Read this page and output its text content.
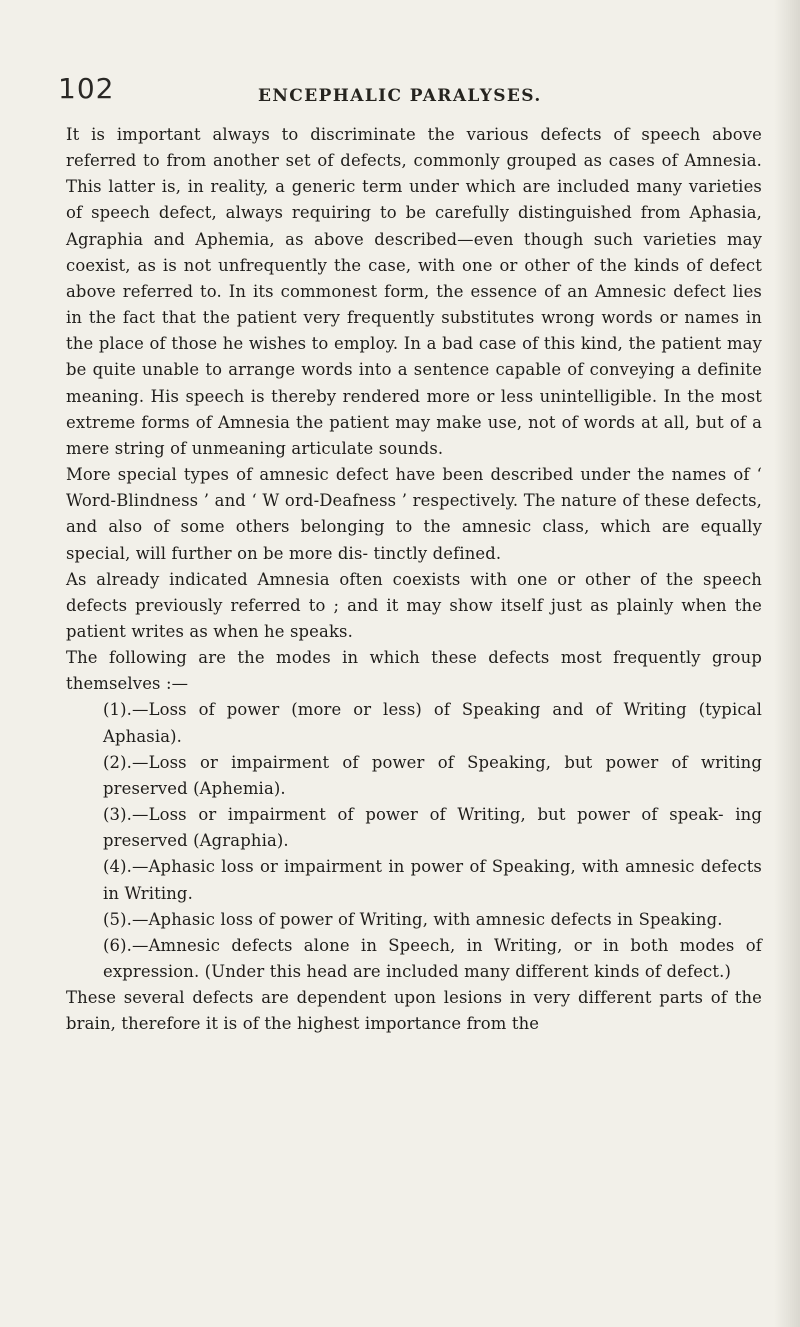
102	ENCEPHALIC PARALYSES.

It is important always to discriminate the various defects of speech above referred to from another set of defects, commonly grouped as cases of Amnesia. This latter is, in reality, a generic term under which are included many varieties of speech defect, always requiring to be carefully distinguished from Aphasia, Agraphia and Aphemia, as above described—even though such varieties may coexist, as is not unfrequently the case, with one or other of the kinds of defect above referred to. In its commonest form, the essence of an Amnesic defect lies in the fact that the patient very frequently substitutes wrong words or names in the place of those he wishes to employ. In a bad case of this kind, the patient may be quite unable to arrange words into a sentence capable of conveying a definite meaning. His speech is thereby rendered more or less unintelligible. In the most extreme forms of Amnesia the patient may make use, not of words at all, but of a mere string of unmeaning articulate sounds.

More special types of amnesic defect have been described under the names of ‘ Word-Blindness ’ and ‘ W ord-Deafness ’ respectively. The nature of these defects, and also of some others belonging to the amnesic class, which are equally special, will further on be more dis- tinctly defined.

As already indicated Amnesia often coexists with one or other of the speech defects previously referred to ; and it may show itself just as plainly when the patient writes as when he speaks.

The following are the modes in which these defects most frequently group themselves :—

(1).—Loss of power (more or less) of Speaking and of Writing (typical Aphasia).

(2).—Loss or impairment of power of Speaking, but power of writing preserved (Aphemia).

(3).—Loss or impairment of power of Writing, but power of speak- ing preserved (Agraphia).

(4).—Aphasic loss or impairment in power of Speaking, with amnesic defects in Writing.

(5).—Aphasic loss of power of Writing, with amnesic defects in Speaking.

(6).—Amnesic defects alone in Speech, in Writing, or in both modes of expression. (Under this head are included many different kinds of defect.)

These several defects are dependent upon lesions in very different parts of the brain, therefore it is of the highest importance from the
